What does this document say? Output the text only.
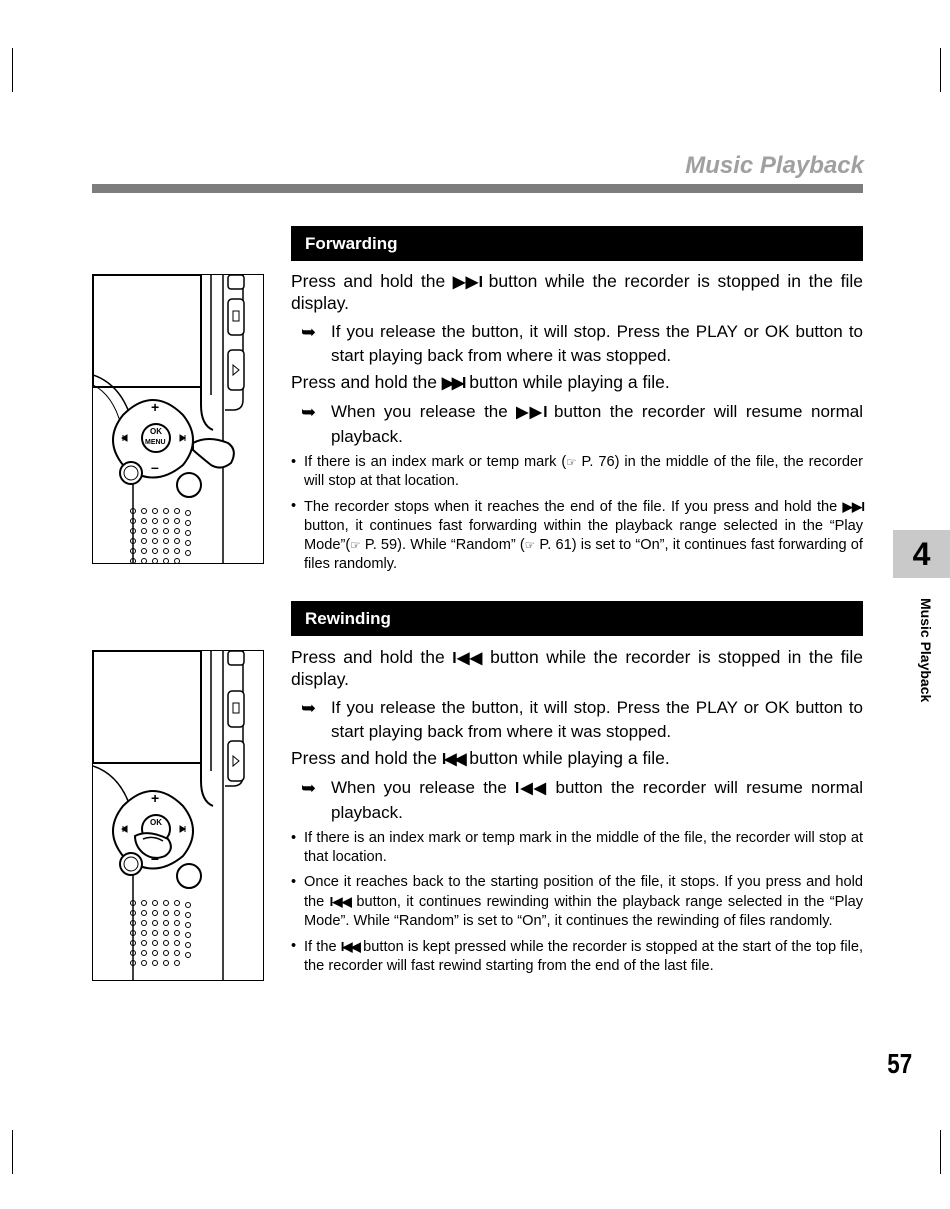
Music Playback
Forwarding
OK
MENU
+
–

Press and hold the ▶▶I button while the recorder is stopped in the file display.

➥ If you release the button, it will stop. Press the PLAY or OK button to start playing back from where it was stopped.

Press and hold the ▶▶I button while playing a file.

➥ When you release the ▶▶I button the recorder will resume normal playback.

• If there is an index mark or temp mark (☞ P. 76) in the middle of the file, the recorder will stop at that location.

• The recorder stops when it reaches the end of the file. If you press and hold the ▶▶I button, it continues fast forwarding within the playback range selected in the “Play Mode”(☞ P. 59). While “Random” (☞ P. 61) is set to “On”, it continues fast forwarding of files randomly.

Rewinding
OK
+

Press and hold the I◀◀ button while the recorder is stopped in the file display.

➥ If you release the button, it will stop. Press the PLAY or OK button to start playing back from where it was stopped.

Press and hold the I◀◀ button while playing a file.

➥ When you release the I◀◀ button the recorder will resume normal playback.

• If there is an index mark or temp mark in the middle of the file, the recorder will stop at that location.

• Once it reaches back to the starting position of the file, it stops. If you press and hold the I◀◀ button, it continues rewinding within the playback range selected in the “Play Mode”. While “Random” is set to “On”, it continues the rewinding of files randomly.

• If the I◀◀ button is kept pressed while the recorder is stopped at the start of the top file, the recorder will fast rewind starting from the end of the last file.

4
Music Playback
57
